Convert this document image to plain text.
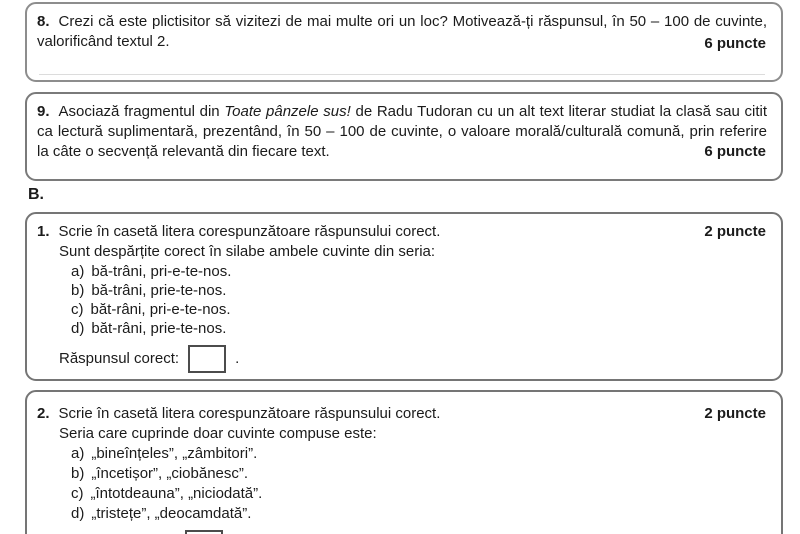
8. Crezi că este plictisitor să vizitezi de mai multe ori un loc? Motivează-ți răspunsul, în 50 – 100 de cuvinte, valorificând textul 2.	6 puncte

9. Asociază fragmentul din Toate pânzele sus! de Radu Tudoran cu un alt text literar studiat la clasă sau citit ca lectură suplimentară, prezentând, în 50 – 100 de cuvinte, o valoare morală/culturală comună, prin referire la câte o secvență relevantă din fiecare text.	6 puncte
B.
1. Scrie în casetă litera corespunzătoare răspunsului corect.
Sunt despărțite corect în silabe ambele cuvinte din seria:
a) bă-trâni, pri-e-te-nos.
b) bă-trâni, prie-te-nos.
c) băt-râni, pri-e-te-nos.
d) băt-râni, prie-te-nos.
Răspunsul corect:	.
2 puncte
2. Scrie în casetă litera corespunzătoare răspunsului corect.
Seria care cuprinde doar cuvinte compuse este:
a) „bineînțeles”, „zâmbitori”.
b) „încetișor”, „ciobănesc”.
c) „întotdeauna”, „niciodată”.
d) „tristețe”, „deocamdată”.
2 puncte
